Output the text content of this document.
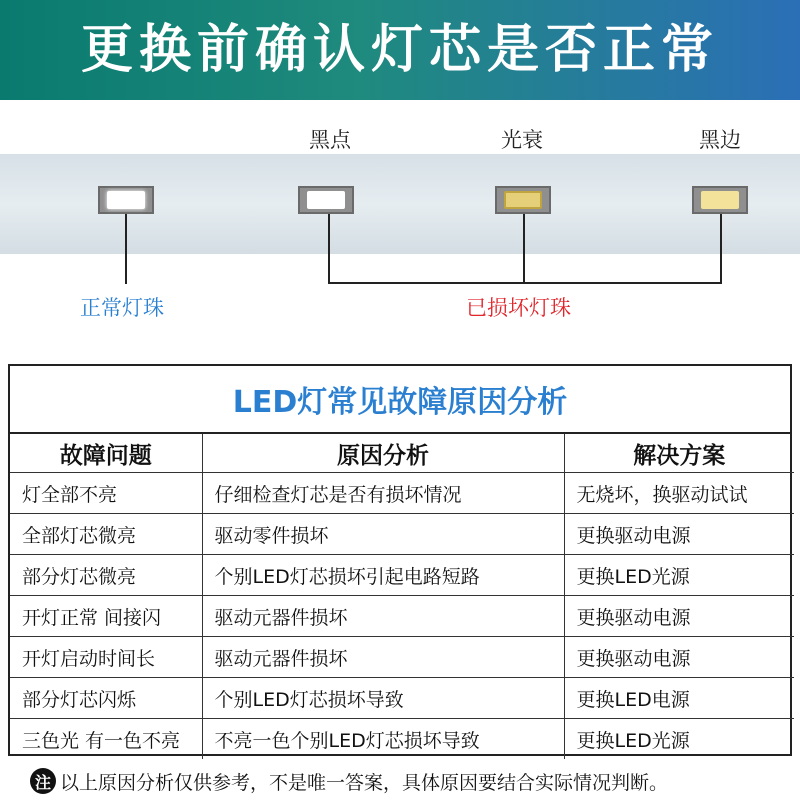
更换前确认灯芯是否正常
黑点	光衰	黑边
正常灯珠	已损坏灯珠
LED灯常见故障原因分析
故障问题	原因分析	解决方案
灯全部不亮	仔细检查灯芯是否有损坏情况	无烧坏，换驱动试试
全部灯芯微亮	驱动零件损坏	更换驱动电源
部分灯芯微亮	个别LED灯芯损坏引起电路短路	更换LED光源
开灯正常 间接闪	驱动元器件损坏	更换驱动电源
开灯启动时间长	驱动元器件损坏	更换驱动电源
部分灯芯闪烁	个别LED灯芯损坏导致	更换LED电源
三色光 有一色不亮	不亮一色个别LED灯芯损坏导致	更换LED光源
注 以上原因分析仅供参考，不是唯一答案，具体原因要结合实际情况判断。
